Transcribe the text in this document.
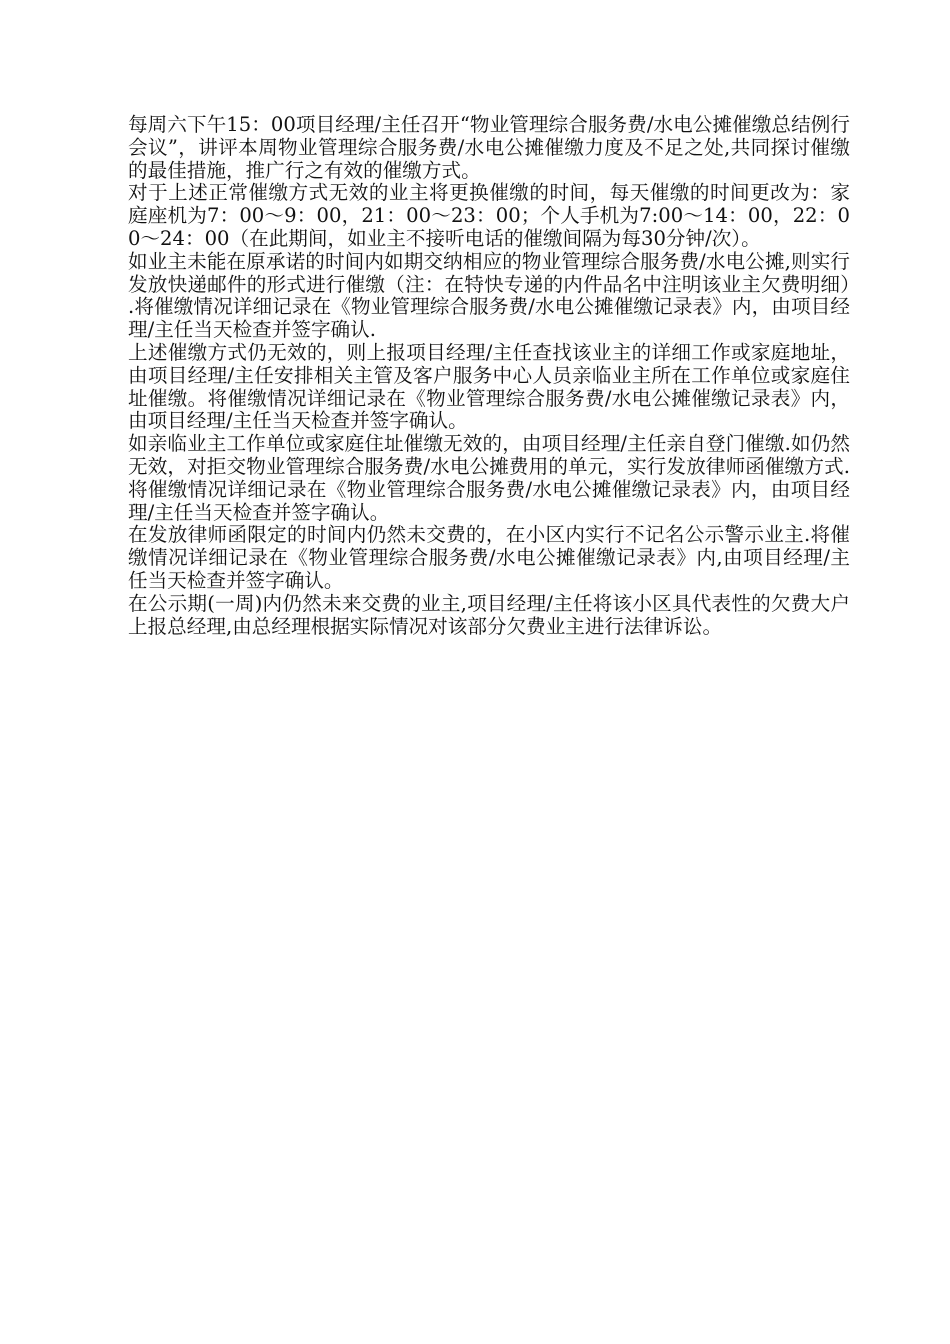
每周六下午15：00项目经理/主任召开“物业管理综合服务费/水电公摊催缴总结例行会议”，讲评本周物业管理综合服务费/水电公摊催缴力度及不足之处,共同探讨催缴的最佳措施，推广行之有效的催缴方式。

对于上述正常催缴方式无效的业主将更换催缴的时间，每天催缴的时间更改为：家庭座机为7：00～9：00，21：00～23：00；个人手机为7:00～14：00，22：00～24：00（在此期间，如业主不接听电话的催缴间隔为每30分钟/次）。

如业主未能在原承诺的时间内如期交纳相应的物业管理综合服务费/水电公摊,则实行发放快递邮件的形式进行催缴（注：在特快专递的内件品名中注明该业主欠费明细）.将催缴情况详细记录在《物业管理综合服务费/水电公摊催缴记录表》内，由项目经理/主任当天检查并签字确认.

上述催缴方式仍无效的，则上报项目经理/主任查找该业主的详细工作或家庭地址，由项目经理/主任安排相关主管及客户服务中心人员亲临业主所在工作单位或家庭住址催缴。将催缴情况详细记录在《物业管理综合服务费/水电公摊催缴记录表》内，由项目经理/主任当天检查并签字确认。

如亲临业主工作单位或家庭住址催缴无效的，由项目经理/主任亲自登门催缴.如仍然无效，对拒交物业管理综合服务费/水电公摊费用的单元，实行发放律师函催缴方式.将催缴情况详细记录在《物业管理综合服务费/水电公摊催缴记录表》内，由项目经理/主任当天检查并签字确认。

在发放律师函限定的时间内仍然未交费的，在小区内实行不记名公示警示业主.将催缴情况详细记录在《物业管理综合服务费/水电公摊催缴记录表》内,由项目经理/主任当天检查并签字确认。

在公示期(一周)内仍然未来交费的业主,项目经理/主任将该小区具代表性的欠费大户上报总经理,由总经理根据实际情况对该部分欠费业主进行法律诉讼。
